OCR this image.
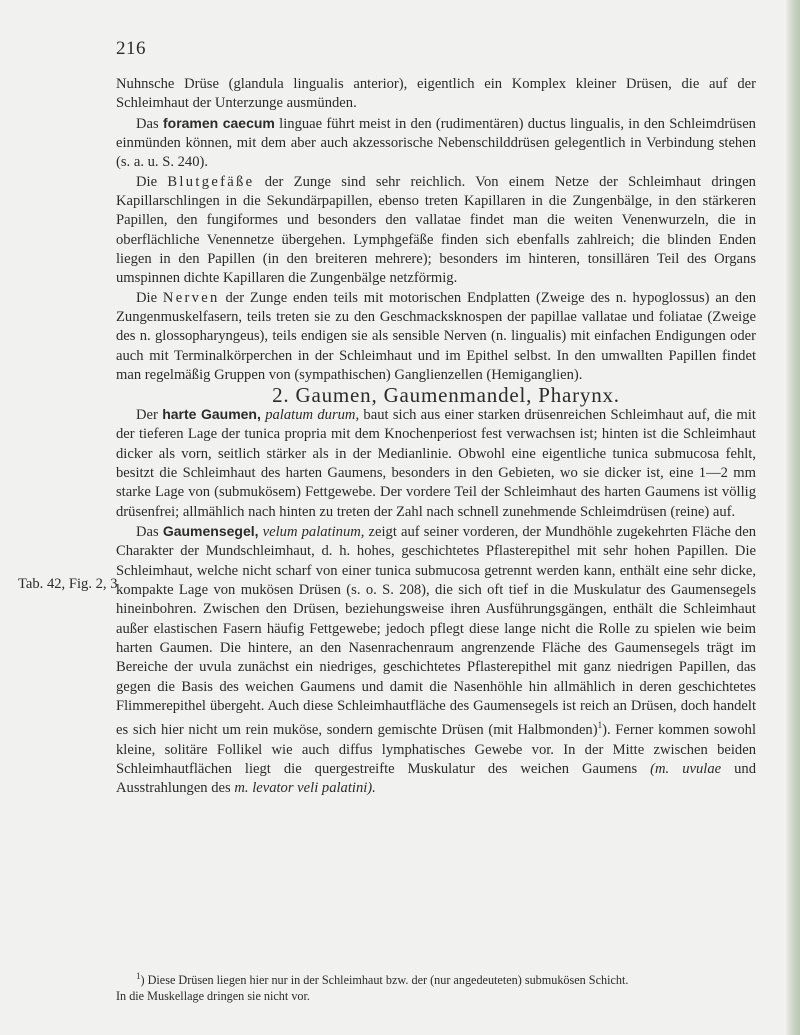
216
Tab. 42, Fig. 2, 3

Nuhnsche Drüse (glandula lingualis anterior), eigentlich ein Komplex kleiner Drüsen, die auf der Schleimhaut der Unterzunge ausmünden.

Das foramen caecum linguae führt meist in den (rudimentären) ductus lingualis, in den Schleimdrüsen einmünden können, mit dem aber auch akzessorische Nebenschilddrüsen gelegentlich in Verbindung stehen (s. a. u. S. 240).

Die Blutgefäße der Zunge sind sehr reichlich. Von einem Netze der Schleimhaut dringen Kapillarschlingen in die Sekundärpapillen, ebenso treten Kapillaren in die Zungenbälge, in den stärkeren Papillen, den fungiformes und besonders den vallatae findet man die weiten Venenwurzeln, die in oberflächliche Venennetze übergehen. Lymphgefäße finden sich ebenfalls zahlreich; die blinden Enden liegen in den Papillen (in den breiteren mehrere); besonders im hinteren, tonsillären Teil des Organs umspinnen dichte Kapillaren die Zungenbälge netzförmig.

Die Nerven der Zunge enden teils mit motorischen Endplatten (Zweige des n. hypoglossus) an den Zungenmuskelfasern, teils treten sie zu den Geschmacksknospen der papillae vallatae und foliatae (Zweige des n. glossopharyngeus), teils endigen sie als sensible Nerven (n. lingualis) mit einfachen Endigungen oder auch mit Terminalkörperchen in der Schleimhaut und im Epithel selbst. In den umwallten Papillen findet man regelmäßig Gruppen von (sympathischen) Ganglienzellen (Hemiganglien).

2. Gaumen, Gaumenmandel, Pharynx.

Der harte Gaumen, palatum durum, baut sich aus einer starken drüsenreichen Schleimhaut auf, die mit der tieferen Lage der tunica propria mit dem Knochenperiost fest verwachsen ist; hinten ist die Schleimhaut dicker als vorn, seitlich stärker als in der Medianlinie. Obwohl eine eigentliche tunica submucosa fehlt, besitzt die Schleimhaut des harten Gaumens, besonders in den Gebieten, wo sie dicker ist, eine 1—2 mm starke Lage von (submukösem) Fettgewebe. Der vordere Teil der Schleimhaut des harten Gaumens ist völlig drüsenfrei; allmählich nach hinten zu treten der Zahl nach schnell zunehmende Schleimdrüsen (reine) auf.

Das Gaumensegel, velum palatinum, zeigt auf seiner vorderen, der Mundhöhle zugekehrten Fläche den Charakter der Mundschleimhaut, d. h. hohes, geschichtetes Pflasterepithel mit sehr hohen Papillen. Die Schleimhaut, welche nicht scharf von einer tunica submucosa getrennt werden kann, enthält eine sehr dicke, kompakte Lage von mukösen Drüsen (s. o. S. 208), die sich oft tief in die Muskulatur des Gaumensegels hineinbohren. Zwischen den Drüsen, beziehungsweise ihren Ausführungsgängen, enthält die Schleimhaut außer elastischen Fasern häufig Fettgewebe; jedoch pflegt diese lange nicht die Rolle zu spielen wie beim harten Gaumen. Die hintere, an den Nasenrachenraum angrenzende Fläche des Gaumensegels trägt im Bereiche der uvula zunächst ein niedriges, geschichtetes Pflasterepithel mit ganz niedrigen Papillen, das gegen die Basis des weichen Gaumens und damit die Nasenhöhle hin allmählich in deren geschichtetes Flimmerepithel übergeht. Auch diese Schleimhautfläche des Gaumensegels ist reich an Drüsen, doch handelt es sich hier nicht um rein muköse, sondern gemischte Drüsen (mit Halbmonden)$^1$). Ferner kommen sowohl kleine, solitäre Follikel wie auch diffus lymphatisches Gewebe vor. In der Mitte zwischen beiden Schleimhautflächen liegt die quergestreifte Muskulatur des weichen Gaumens (m. uvulae und Ausstrahlungen des m. levator veli palatini).

$^1$) Diese Drüsen liegen hier nur in der Schleimhaut bzw. der (nur angedeuteten) submukösen Schicht.

In die Muskellage dringen sie nicht vor.
